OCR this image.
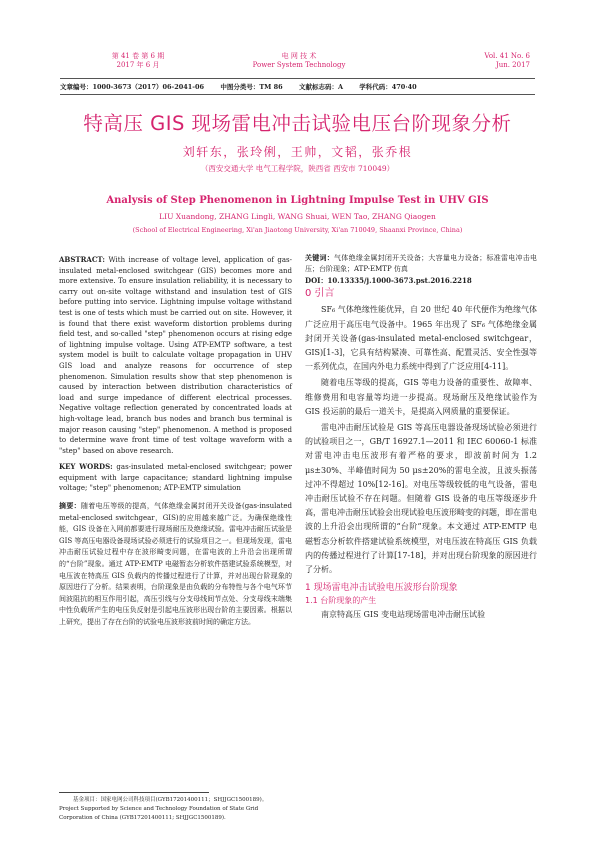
第 41 卷 第 6 期
2017 年 6 月
电 网 技 术
Power System Technology
Vol. 41 No. 6
Jun. 2017
文章编号：1000-3673（2017）06-2041-06	中图分类号：TM 86	文献标志码：A	学科代码：470·40
特高压 GIS 现场雷电冲击试验电压台阶现象分析
刘轩东，张玲俐，王帅，文韬，张乔根
（西安交通大学 电气工程学院，陕西省 西安市 710049）
Analysis of Step Phenomenon in Lightning Impulse Test in UHV GIS
LIU Xuandong, ZHANG Lingli, WANG Shuai, WEN Tao, ZHANG Qiaogen
(School of Electrical Engineering, Xi'an Jiaotong University, Xi'an 710049, Shaanxi Province, China)

ABSTRACT: With increase of voltage level, application of gas-insulated metal-enclosed switchgear (GIS) becomes more and more extensive. To ensure insulation reliability, it is necessary to carry out on-site voltage withstand and insulation test of GIS before putting into service. Lightning impulse voltage withstand test is one of tests which must be carried out on site. However, it is found that there exist waveform distortion problems during field test, and so-called "step" phenomenon occurs at rising edge of lightning impulse voltage. Using ATP-EMTP software, a test system model is built to calculate voltage propagation in UHV GIS load and analyze reasons for occurrence of step phenomenon. Simulation results show that step phenomenon is caused by interaction between distribution characteristics of load and surge impedance of different electrical processes. Negative voltage reflection generated by concentrated loads at high-voltage lead, branch bus nodes and branch bus terminal is major reason causing "step" phenomenon. A method is proposed to determine wave front time of test voltage waveform with a "step" based on above research.

KEY WORDS: gas-insulated metal-enclosed switchgear; power equipment with large capacitance; standard lightning impulse voltage; "step" phenomenon; ATP-EMTP simulation

摘要：随着电压等级的提高，气体绝缘金属封闭开关设备(gas-insulated metal-enclosed switchgear，GIS)的应用越来越广泛。为确保绝缘性能，GIS 设备在入网前都要进行现场耐压及绝缘试验。雷电冲击耐压试验是 GIS 等高压电器设备现场试验必须进行的试验项目之一。但现场发现，雷电冲击耐压试验过程中存在波形畸变问题，在雷电波的上升沿会出现所谓的“台阶”现象。通过 ATP-EMTP 电磁暂态分析软件搭建试验系统模型，对电压波在特高压 GIS 负载内的传播过程进行了计算，并对出现台阶现象的原因进行了分析。结果表明，台阶现象是由负载的分布特性与各个电气环节间波阻抗的相互作用引起，高压引线与分支母线间节点处、分支母线末端集中性负载所产生的电压负反射是引起电压波形出现台阶的主要因素。根据以上研究，提出了存在台阶的试验电压波形波前时间的确定方法。

基金项目：国家电网公司科技项目(GYB17201400111；SHJJGC1500189)。
Project Supported by Science and Technology Foundation of State Grid Corporation of China (GYB17201400111; SHJJGC1500189).

关键词：气体绝缘金属封闭开关设备；大容量电力设备；标准雷电冲击电压；台阶现象；ATP-EMTP 仿真

DOI：10.13335/j.1000-3673.pst.2016.2218

0 引言

SF₆ 气体绝缘性能优异，自 20 世纪 40 年代便作为绝缘气体广泛应用于高压电气设备中。1965 年出现了 SF₆ 气体绝缘金属封闭开关设备(gas-insulated metal-enclosed switchgear，GIS)[1-3]，它具有结构紧凑、可靠性高、配置灵活、安全性强等一系列优点，在国内外电力系统中得到了广泛应用[4-11]。

随着电压等级的提高，GIS 等电力设备的重要性、故障率、维修费用和电容量等均进一步提高。现场耐压及绝缘试验作为 GIS 投运前的最后一道关卡，是提高入网质量的重要保证。

雷电冲击耐压试验是 GIS 等高压电器设备现场试验必须进行的试验项目之一，GB/T 16927.1—2011 和 IEC 60060-1 标准对雷电冲击电压波形有着严格的要求，即波前时间为 1.2 μs±30%、半峰值时间为 50 μs±20%的雷电全波，且波头振荡过冲不得超过 10%[12-16]。对电压等级较低的电气设备，雷电冲击耐压试验不存在问题。但随着 GIS 设备的电压等级逐步升高，雷电冲击耐压试验会出现试验电压波形畸变的问题，即在雷电波的上升沿会出现所谓的“台阶”现象。本文通过 ATP-EMTP 电磁暂态分析软件搭建试验系统模型，对电压波在特高压 GIS 负载内的传播过程进行了计算[17-18]，并对出现台阶现象的原因进行了分析。

1 现场雷电冲击试验电压波形台阶现象
1.1 台阶现象的产生

南京特高压 GIS 变电站现场雷电冲击耐压试验
